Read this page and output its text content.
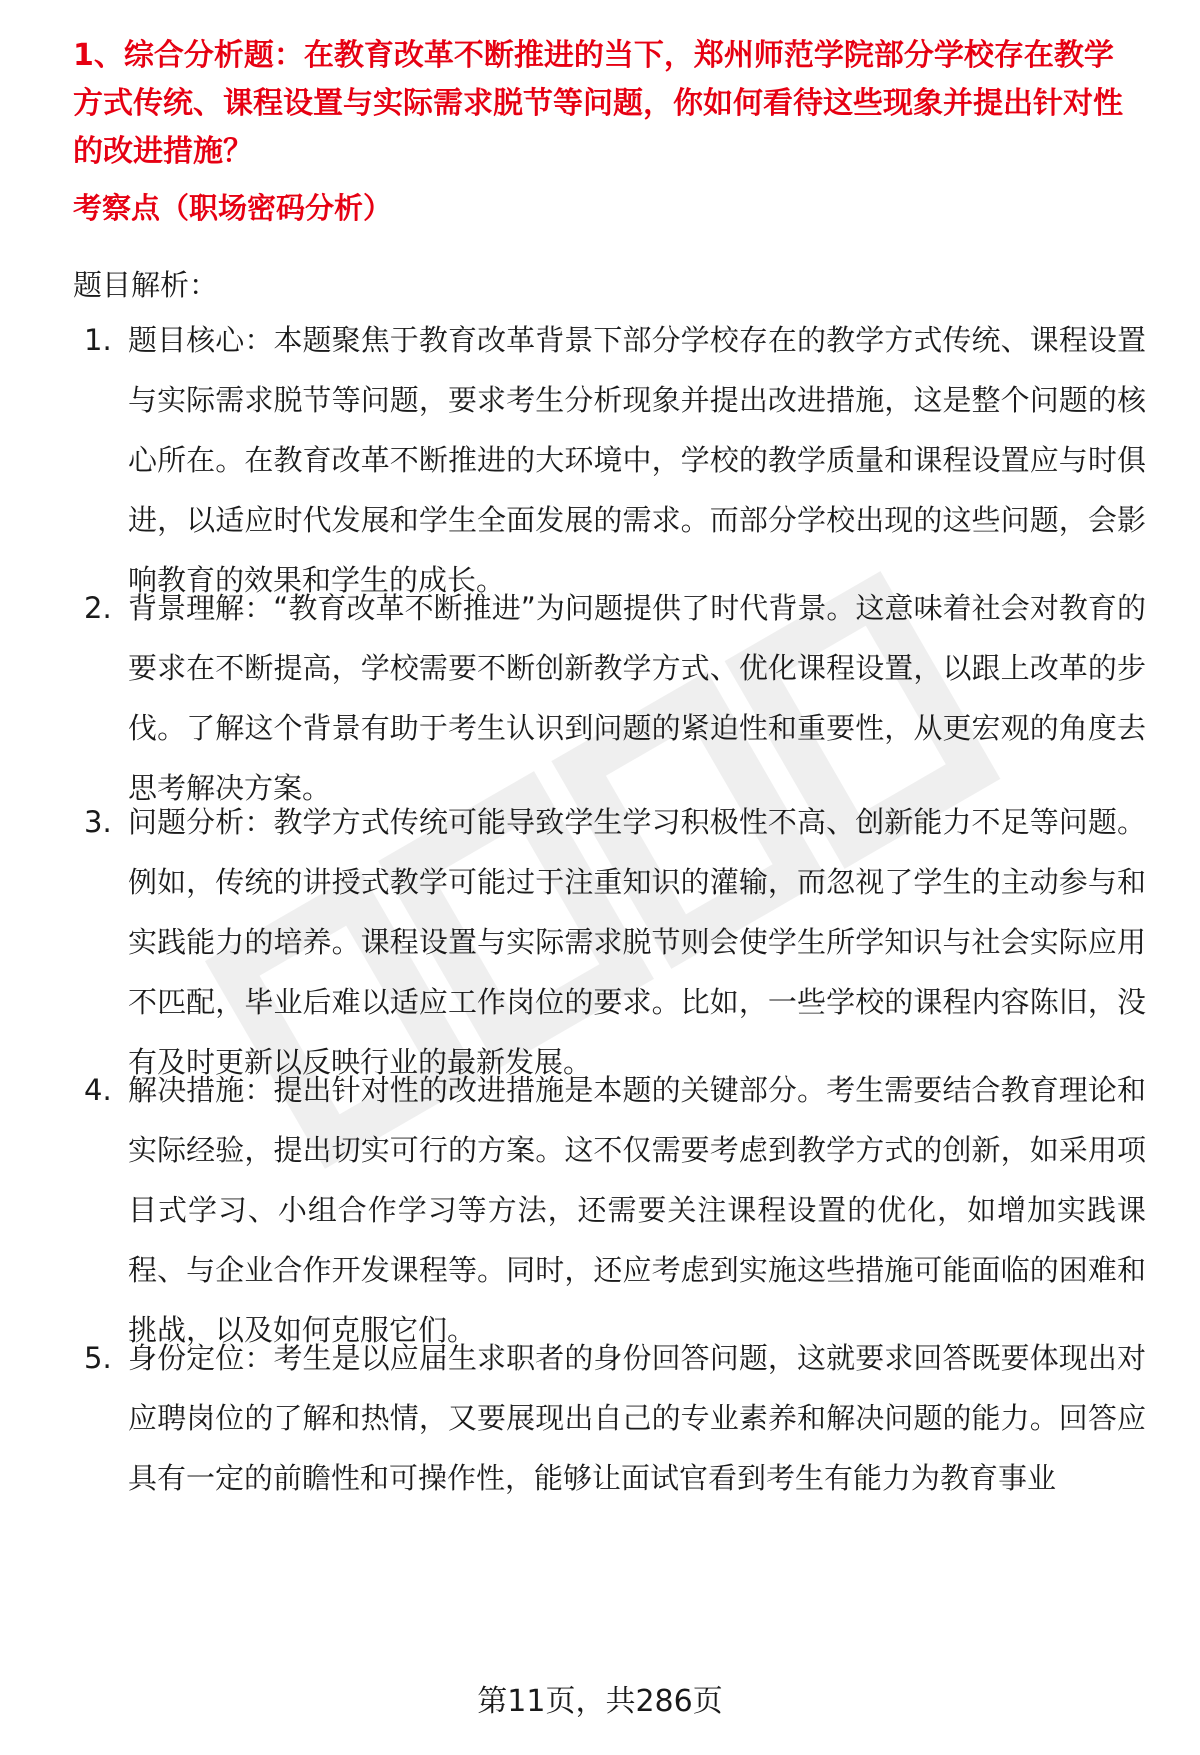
1、综合分析题：在教育改革不断推进的当下，郑州师范学院部分学校存在教学方式传统、课程设置与实际需求脱节等问题，你如何看待这些现象并提出针对性的改进措施？

考察点（职场密码分析）

题目解析：

1. 题目核心：本题聚焦于教育改革背景下部分学校存在的教学方式传统、课程设置与实际需求脱节等问题，要求考生分析现象并提出改进措施，这是整个问题的核心所在。在教育改革不断推进的大环境中，学校的教学质量和课程设置应与时俱进，以适应时代发展和学生全面发展的需求。而部分学校出现的这些问题，会影响教育的效果和学生的成长。
2. 背景理解：“教育改革不断推进”为问题提供了时代背景。这意味着社会对教育的要求在不断提高，学校需要不断创新教学方式、优化课程设置，以跟上改革的步伐。了解这个背景有助于考生认识到问题的紧迫性和重要性，从更宏观的角度去思考解决方案。
3. 问题分析：教学方式传统可能导致学生学习积极性不高、创新能力不足等问题。例如，传统的讲授式教学可能过于注重知识的灌输，而忽视了学生的主动参与和实践能力的培养。课程设置与实际需求脱节则会使学生所学知识与社会实际应用不匹配，毕业后难以适应工作岗位的要求。比如，一些学校的课程内容陈旧，没有及时更新以反映行业的最新发展。
4. 解决措施：提出针对性的改进措施是本题的关键部分。考生需要结合教育理论和实际经验，提出切实可行的方案。这不仅需要考虑到教学方式的创新，如采用项目式学习、小组合作学习等方法，还需要关注课程设置的优化，如增加实践课程、与企业合作开发课程等。同时，还应考虑到实施这些措施可能面临的困难和挑战，以及如何克服它们。
5. 身份定位：考生是以应届生求职者的身份回答问题，这就要求回答既要体现出对应聘岗位的了解和热情，又要展现出自己的专业素养和解决问题的能力。回答应具有一定的前瞻性和可操作性，能够让面试官看到考生有能力为教育事业
第11页，共286页
